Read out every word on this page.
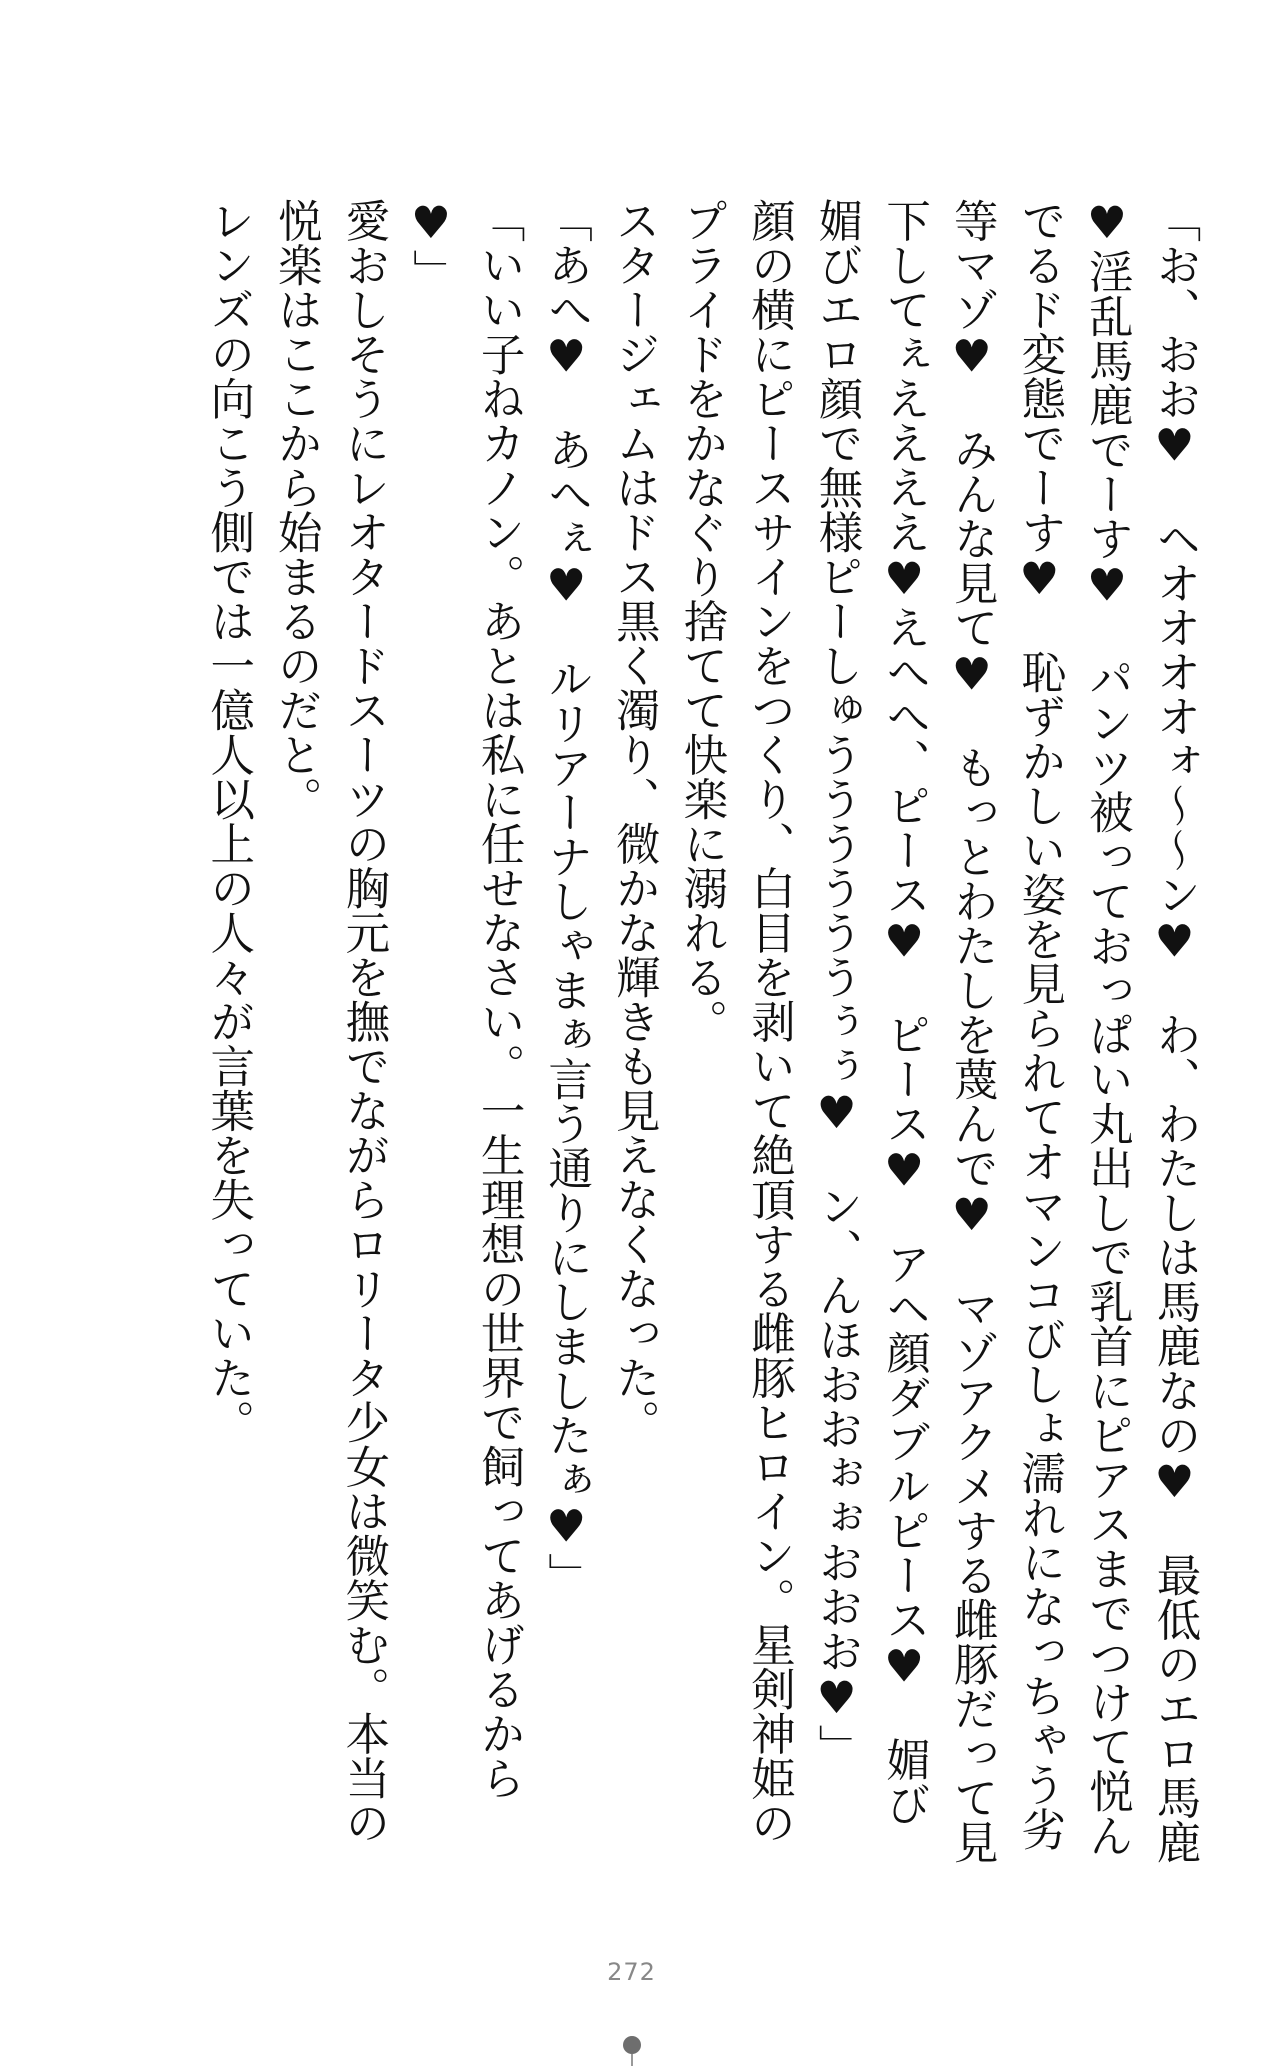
「お、おお♥　ヘオオオオォ〜〜ン♥　わ、わたしは馬鹿なの♥　最低のエロ馬鹿♥淫乱馬鹿でーす♥　パンツ被っておっぱい丸出しで乳首にピアスまでつけて悦んでるド変態でーす♥　恥ずかしい姿を見られてオマンコびしょ濡れになっちゃう劣等マゾ♥　みんな見て♥　もっとわたしを蔑んで♥　マゾアクメする雌豚だって見下してぇええええ♥えへへ、ピース♥　ピース♥　アヘ顔ダブルピース♥　媚び媚びエロ顔で無様ピーしゅううううううぅぅ♥　ン、んほおおぉぉおおお♥」

顔の横にピースサインをつくり、白目を剥いて絶頂する雌豚ヒロイン。星剣神姫のプライドをかなぐり捨てて快楽に溺れる。

スタージェムはドス黒く濁り、微かな輝きも見えなくなった。

「あへ♥　あへぇ♥　ルリアーナしゃまぁ言う通りにしましたぁ♥」

「いい子ねカノン。あとは私に任せなさい。一生理想の世界で飼ってあげるから♥」

愛おしそうにレオタードスーツの胸元を撫でながらロリータ少女は微笑む。本当の悦楽はここから始まるのだと。

レンズの向こう側では一億人以上の人々が言葉を失っていた。

272
